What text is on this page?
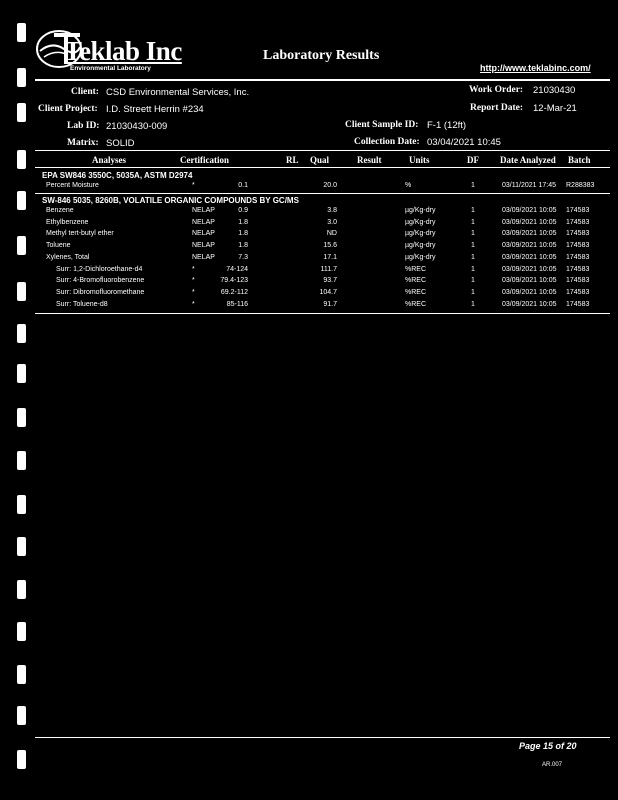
Teklab Inc
Environmental Laboratory
Laboratory Results
http://www.teklabinc.com/
Client: CSD Environmental Services, Inc.
Client Project: I.D. Streett Herrin #234
Lab ID: 21030430-009
Matrix: SOLID
Work Order: 21030430
Report Date: 12-Mar-21
Client Sample ID: F-1 (12ft)
Collection Date: 03/04/2021 10:45
Analyses	Certification	RL Qual	Result	Units	DF Date Analyzed Batch
EPA SW846 3550C, 5035A, ASTM D2974
Percent Moisture	*	0.1	20.0	%	1	03/11/2021 17:45 R288383
SW-846 5035, 8260B, VOLATILE ORGANIC COMPOUNDS BY GC/MS
Benzene	NELAP	0.9	3.8	µg/Kg-dry	1	03/09/2021 10:05 174583
Ethylbenzene	NELAP	1.8	3.0	µg/Kg-dry	1	03/09/2021 10:05 174583
Methyl tert-butyl ether	NELAP	1.8	ND	µg/Kg-dry	1	03/09/2021 10:05 174583
Toluene	NELAP	1.8	15.6	µg/Kg-dry	1	03/09/2021 10:05 174583
Xylenes, Total	NELAP	7.3	17.1	µg/Kg-dry	1	03/09/2021 10:05 174583
Surr: 1,2-Dichloroethane-d4	*	74-124	111.7	%REC	1	03/09/2021 10:05 174583
Surr: 4-Bromofluorobenzene	*	79.4-123	93.7	%REC	1	03/09/2021 10:05 174583
Surr: Dibromofluoromethane	*	69.2-112	104.7	%REC	1	03/09/2021 10:05 174583
Surr: Toluene-d8	*	85-116	91.7	%REC	1	03/09/2021 10:05 174583
Page 15 of 20
AR.007
